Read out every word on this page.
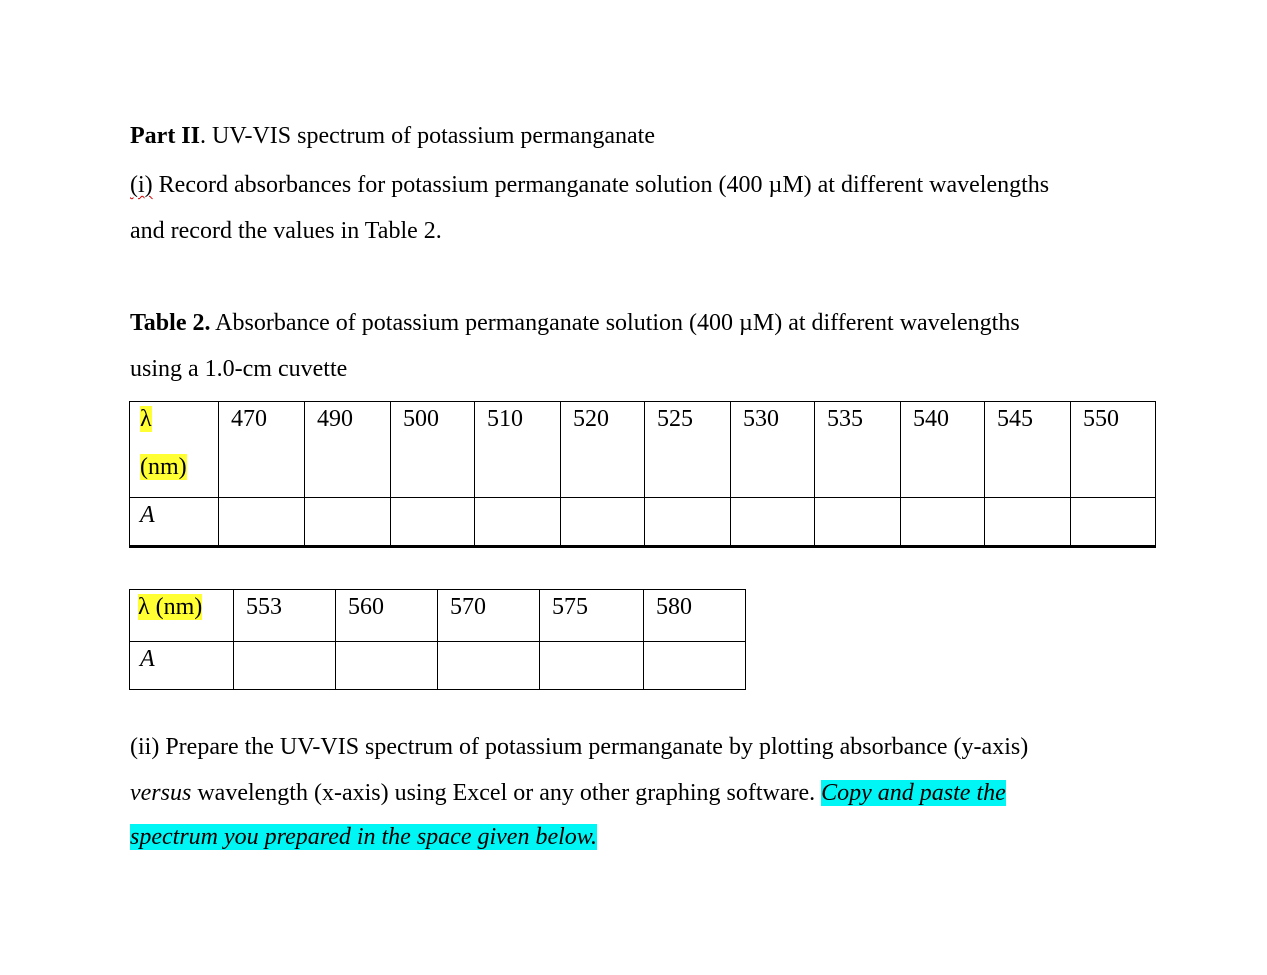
Part II. UV-VIS spectrum of potassium permanganate
(i) Record absorbances for potassium permanganate solution (400 µM) at different wavelengths
and record the values in Table 2.
Table 2. Absorbance of potassium permanganate solution (400 µM) at different wavelengths
using a 1.0-cm cuvette
λ
(nm)	470	490	500	510	520	525	530	535	540	545	550
A											
λ (nm)	553	560	570	575	580
A					
(ii) Prepare the UV-VIS spectrum of potassium permanganate by plotting absorbance (y-axis)
versus wavelength (x-axis) using Excel or any other graphing software. Copy and paste the
spectrum you prepared in the space given below.
